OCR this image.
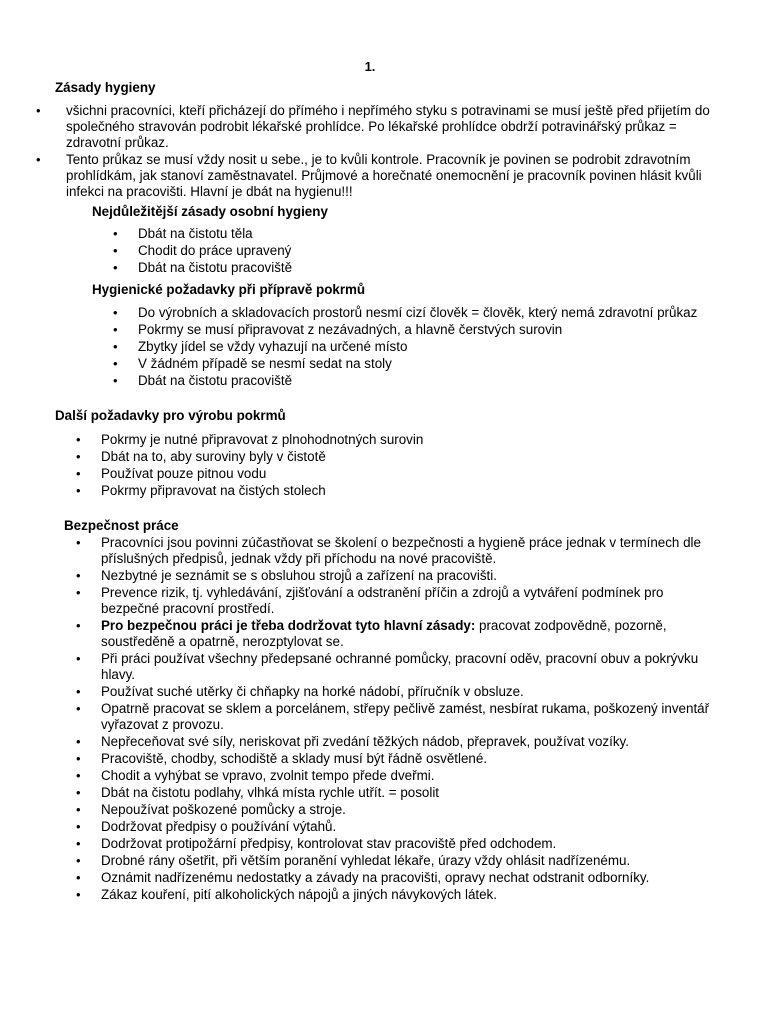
1.
Zásady hygieny
• všichni pracovníci, kteří přicházejí do přímého i nepřímého styku s potravinami se musí ještě před přijetím do společného stravován podrobit lékařské prohlídce. Po lékařské prohlídce obdrží potravinářský průkaz = zdravotní průkaz.
• Tento průkaz se musí vždy nosit u sebe., je to kvůli kontrole. Pracovník je povinen se podrobit zdravotním prohlídkám, jak stanoví zaměstnavatel. Průjmové a horečnaté onemocnění je pracovník povinen hlásit kvůli infekci na pracovišti. Hlavní je dbát na hygienu!!!
Nejdůležitější zásady osobní hygieny
• Dbát na čistotu těla
• Chodit do práce upravený
• Dbát na čistotu pracoviště
Hygienické požadavky při přípravě pokrmů
• Do výrobních a skladovacích prostorů nesmí cizí člověk = člověk, který nemá zdravotní průkaz
• Pokrmy se musí připravovat z nezávadných, a hlavně čerstvých surovin
• Zbytky jídel se vždy vyhazují na určené místo
• V žádném případě se nesmí sedat na stoly
• Dbát na čistotu pracoviště
Další požadavky pro výrobu pokrmů
• Pokrmy je nutné připravovat z plnohodnotných surovin
• Dbát na to, aby suroviny byly v čistotě
• Používat pouze pitnou vodu
• Pokrmy připravovat na čistých stolech
Bezpečnost práce
• Pracovníci jsou povinni zúčastňovat se školení o bezpečnosti a hygieně práce jednak v termínech dle příslušných předpisů, jednak vždy při příchodu na nové pracoviště.
• Nezbytné je seznámit se s obsluhou strojů a zařízení na pracovišti.
• Prevence rizik, tj. vyhledávání, zjišťování a odstranění příčin a zdrojů a vytváření podmínek pro bezpečné pracovní prostředí.
• Pro bezpečnou práci je třeba dodržovat tyto hlavní zásady: pracovat zodpovědně, pozorně, soustředěně a opatrně, nerozptylovat se.
• Při práci používat všechny předepsané ochranné pomůcky, pracovní oděv, pracovní obuv a pokrývku hlavy.
• Používat suché utěrky či chňapky na horké nádobí, příručník v obsluze.
• Opatrně pracovat se sklem a porcelánem, střepy pečlivě zamést, nesbírat rukama, poškozený inventář vyřazovat z provozu.
• Nepřeceňovat své síly, neriskovat při zvedání těžkých nádob, přepravek, používat vozíky.
• Pracoviště, chodby, schodiště a sklady musí být řádně osvětlené.
• Chodit a vyhýbat se vpravo, zvolnit tempo přede dveřmi.
• Dbát na čistotu podlahy, vlhká místa rychle utřít. = posolit
• Nepoužívat poškozené pomůcky a stroje.
• Dodržovat předpisy o používání výtahů.
• Dodržovat protipožární předpisy, kontrolovat stav pracoviště před odchodem.
• Drobné rány ošetřit, při větším poranění vyhledat lékaře, úrazy vždy ohlásit nadřízenému.
• Oznámit nadřízenému nedostatky a závady na pracovišti, opravy nechat odstranit odborníky.
• Zákaz kouření, pití alkoholických nápojů a jiných návykových látek.
